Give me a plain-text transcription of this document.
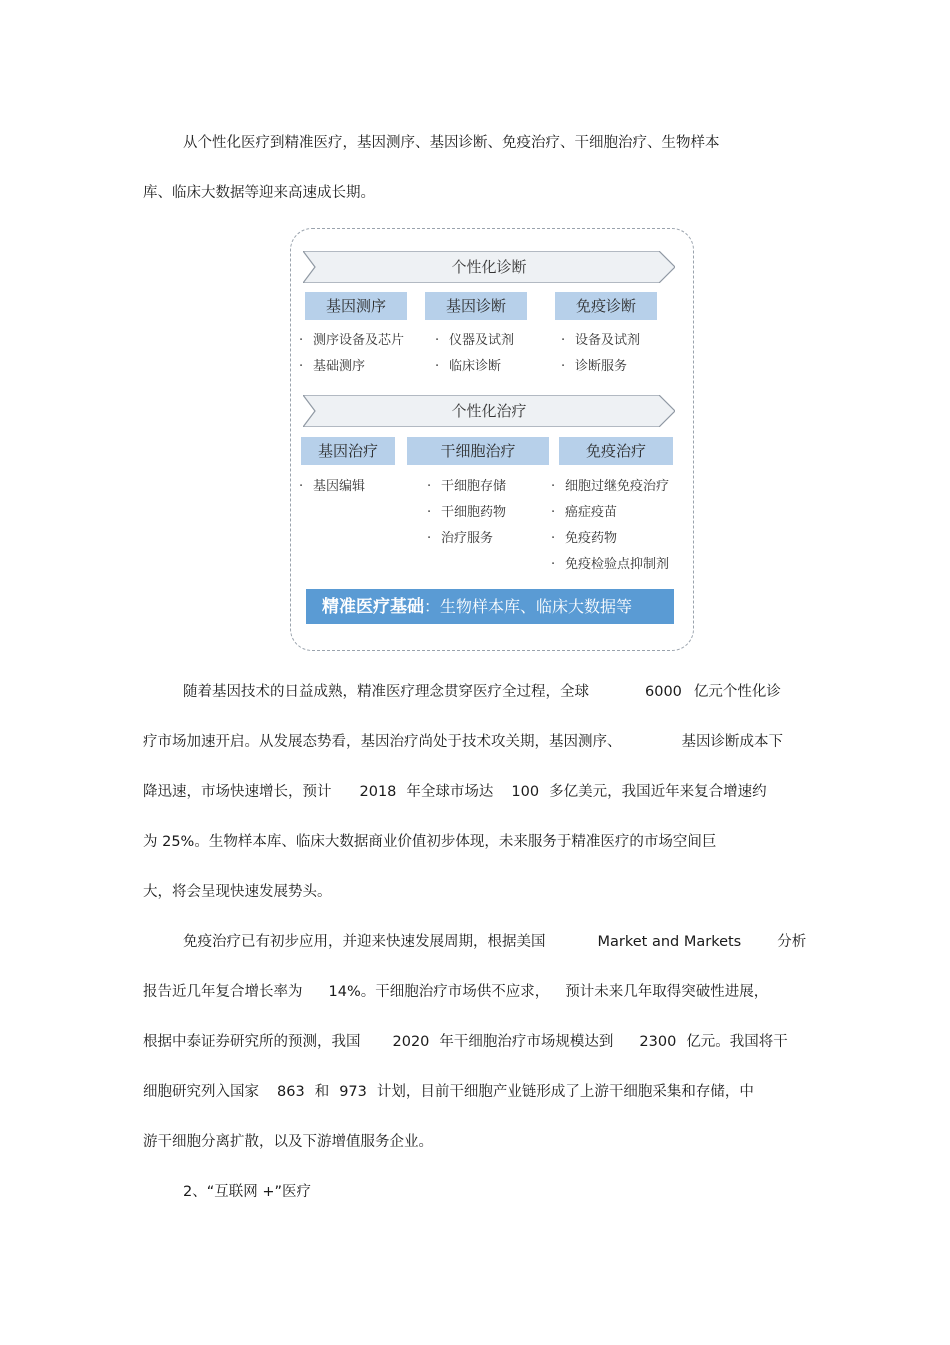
从个性化医疗到精准医疗，基因测序、基因诊断、免疫治疗、干细胞治疗、生物样本
库、临床大数据等迎来高速成长期。
个性化诊断
基因测序	基因诊断	免疫诊断
· 测序设备及芯片
· 基础测序
· 仪器及试剂
· 临床诊断
· 设备及试剂
· 诊断服务
个性化治疗
基因治疗	干细胞治疗	免疫治疗
· 基因编辑
·	干细胞存储
· 干细胞药物
· 治疗服务
· 细胞过继免疫治疗
· 癌症疫苗
· 免疫药物
· 免疫检验点抑制剂
精准医疗基础：生物样本库、临床大数据等
随着基因技术的日益成熟，精准医疗理念贯穿医疗全过程，全球	6000 亿元个性化诊
疗市场加速开启。从发展态势看，基因治疗尚处于技术攻关期，基因测序、	基因诊断成本下
降迅速，市场快速增长，预计 2018 年全球市场达 100 多亿美元，我国近年来复合增速约
为 25%。生物样本库、临床大数据商业价值初步体现，未来服务于精准医疗的市场空间巨
大，将会呈现快速发展势头。
免疫治疗已有初步应用，并迎来快速发展周期，根据美国	Market and Markets 分析
报告近几年复合增长率为 14%。干细胞治疗市场供不应求， 预计未来几年取得突破性进展，
根据中泰证券研究所的预测，我国 2020 年干细胞治疗市场规模达到 2300 亿元。我国将干
细胞研究列入国家 863 和 973 计划，目前干细胞产业链形成了上游干细胞采集和存储，中
游干细胞分离扩散，以及下游增值服务企业。
2、“互联网 +”医疗
